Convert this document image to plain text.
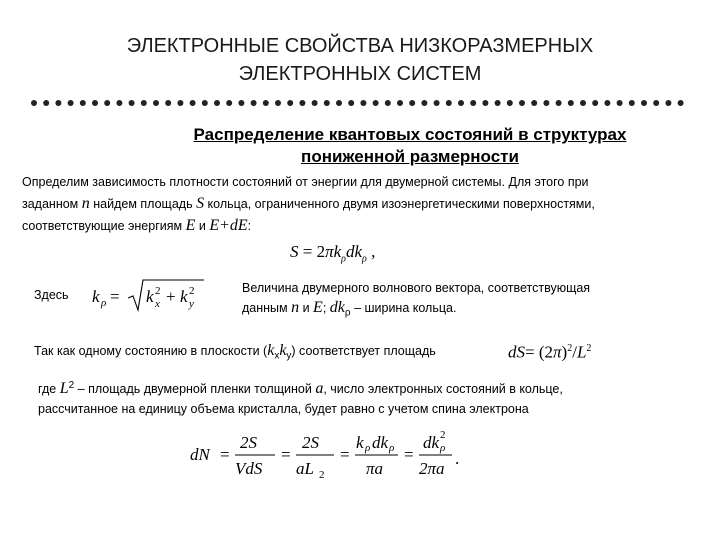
ЭЛЕКТРОННЫЕ СВОЙСТВА НИЗКОРАЗМЕРНЫХ
ЭЛЕКТРОННЫХ СИСТЕМ
Распределение квантовых состояний в структурах
пониженной размерности
Определим зависимость плотности состояний от энергии для двумерной системы. Для этого при
заданном n найдем площадь S кольца, ограниченного двумя изоэнергетическими поверхностями,
соответствующие энергиям E и E+dE:
$S = 2\pi k_\rho dk_\rho$ ,
Здесь k ρ = k x
2 + k y
2	Величина двумерного волнового вектора, соответствующая
данным n и E; $dk_\rho$ – ширина кольца.
Так как одному состоянию в плоскости $(k_xk_y)$ соответствует площадь	$dS= (2\pi)^2/L^2$
где $L^2$ – площадь двумерной пленки толщиной a, число электронных состояний в кольце,
рассчитанное на единицу объема кристалла, будет равно с учетом спина электрона
dN =
2S
VdS
=
2S
aL 2
=
k ρ dk ρ
πa
=
dk ρ
2
2πa
.
